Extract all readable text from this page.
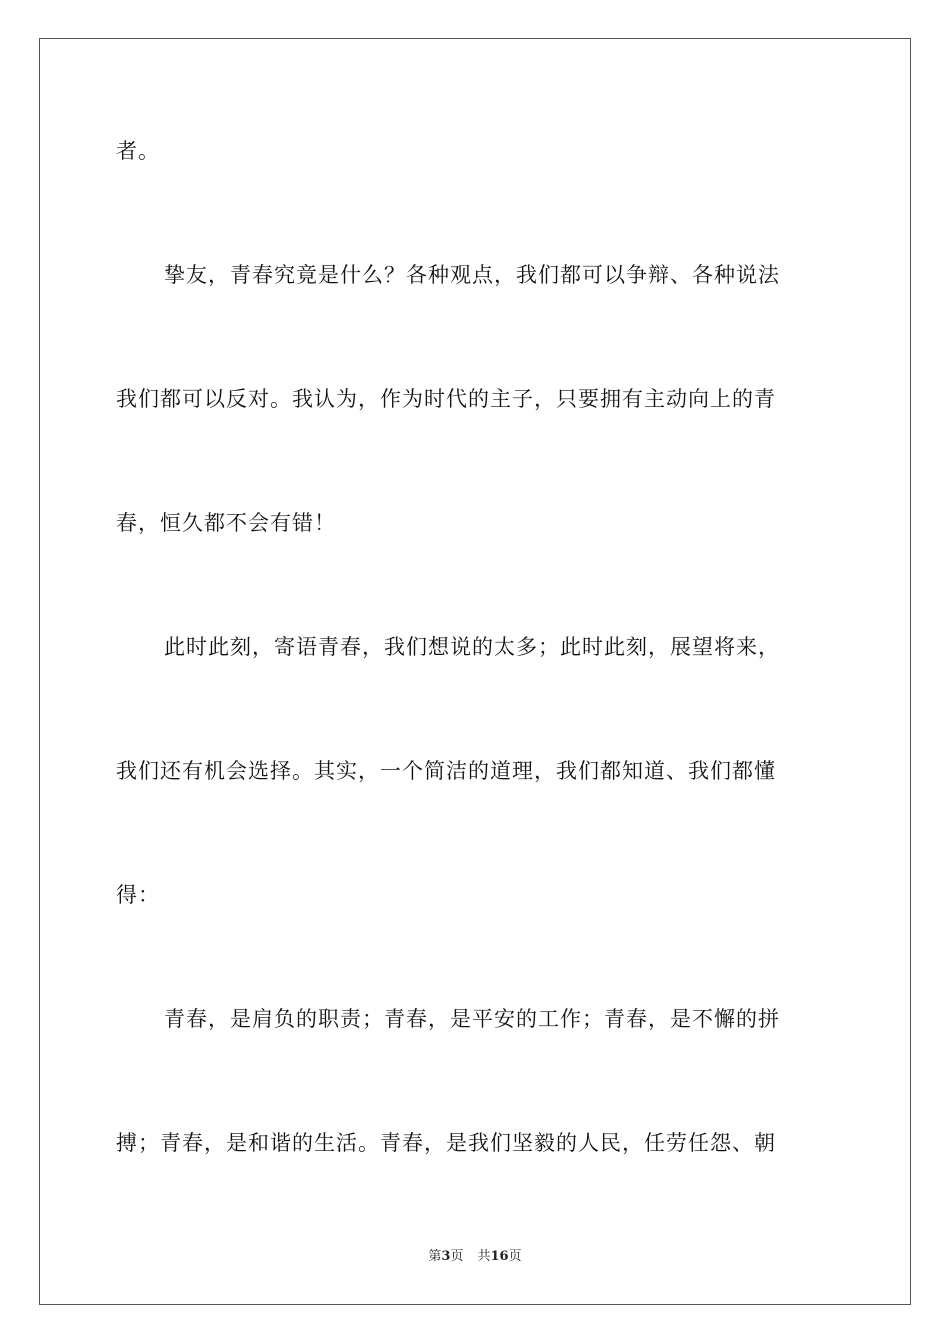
者。
挚友，青春究竟是什么？各种观点，我们都可以争辩、各种说法
我们都可以反对。我认为，作为时代的主子，只要拥有主动向上的青
春，恒久都不会有错！
此时此刻，寄语青春，我们想说的太多；此时此刻，展望将来，
我们还有机会选择。其实，一个简洁的道理，我们都知道、我们都懂
得：
青春，是肩负的职责；青春，是平安的工作；青春，是不懈的拼
搏；青春，是和谐的生活。青春，是我们坚毅的人民，任劳任怨、朝
第3页 共16页
